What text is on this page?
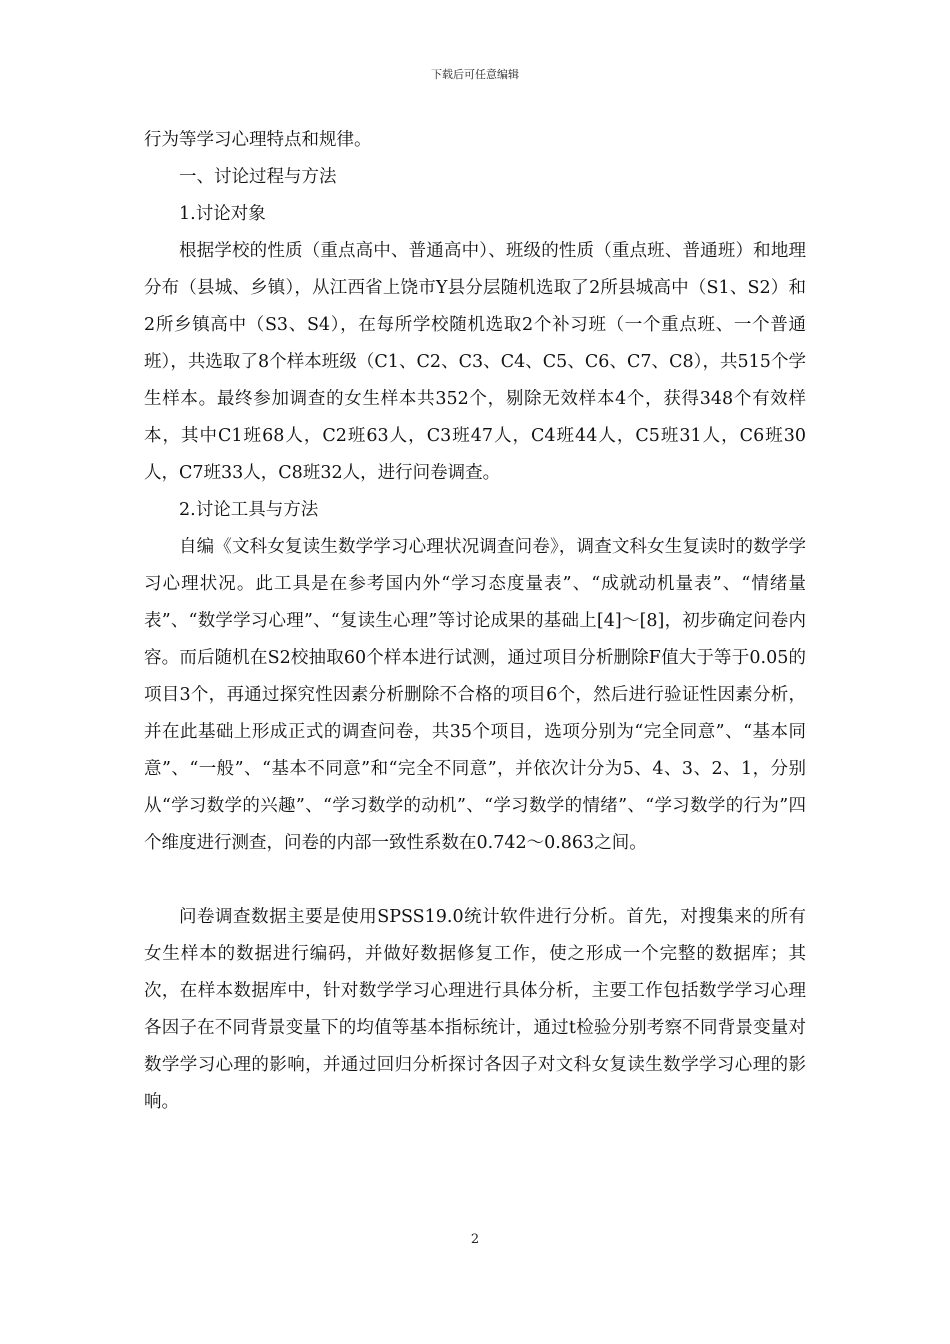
下载后可任意编辑

行为等学习心理特点和规律。

一、讨论过程与方法

1.讨论对象

根据学校的性质（重点高中、普通高中）、班级的性质（重点班、普通班）和地理分布（县城、乡镇），从江西省上饶市Y县分层随机选取了2所县城高中（S1、S2）和2所乡镇高中（S3、S4），在每所学校随机选取2个补习班（一个重点班、一个普通班），共选取了8个样本班级（C1、C2、C3、C4、C5、C6、C7、C8），共515个学生样本。最终参加调查的女生样本共352个，剔除无效样本4个，获得348个有效样本，其中C1班68人，C2班63人，C3班47人，C4班44人，C5班31人，C6班30人，C7班33人，C8班32人，进行问卷调查。

2.讨论工具与方法

自编《文科女复读生数学学习心理状况调查问卷》，调查文科女生复读时的数学学习心理状况。此工具是在参考国内外“学习态度量表”、“成就动机量表”、“情绪量表”、“数学学习心理”、“复读生心理”等讨论成果的基础上[4]～[8]，初步确定问卷内容。而后随机在S2校抽取60个样本进行试测，通过项目分析删除F值大于等于0.05的项目3个，再通过探究性因素分析删除不合格的项目6个，然后进行验证性因素分析，并在此基础上形成正式的调查问卷，共35个项目，选项分别为“完全同意”、“基本同意”、“一般”、“基本不同意”和“完全不同意”，并依次计分为5、4、3、2、1，分别从“学习数学的兴趣”、“学习数学的动机”、“学习数学的情绪”、“学习数学的行为”四个维度进行测查，问卷的内部一致性系数在0.742～0.863之间。

问卷调查数据主要是使用SPSS19.0统计软件进行分析。首先，对搜集来的所有女生样本的数据进行编码，并做好数据修复工作，使之形成一个完整的数据库；其次，在样本数据库中，针对数学学习心理进行具体分析，主要工作包括数学学习心理各因子在不同背景变量下的均值等基本指标统计，通过t检验分别考察不同背景变量对数学学习心理的影响，并通过回归分析探讨各因子对文科女复读生数学学习心理的影响。

2
